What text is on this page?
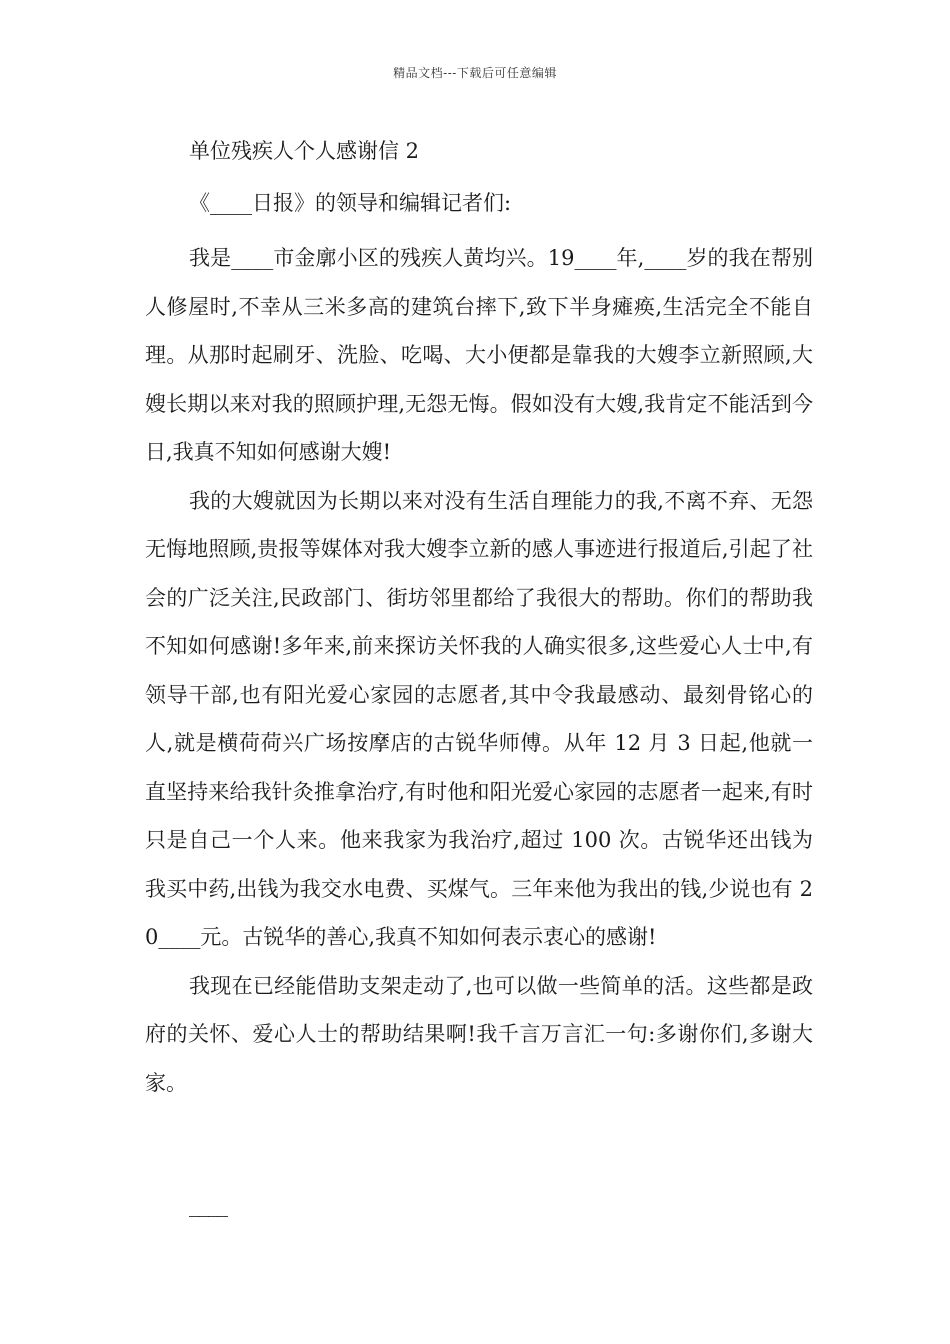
精品文档---下载后可任意编辑
单位残疾人个人感谢信 2
《____日报》的领导和编辑记者们:

我是____市金廓小区的残疾人黄均兴。19____年,____岁的我在帮别人修屋时,不幸从三米多高的建筑台摔下,致下半身瘫痪,生活完全不能自理。从那时起刷牙、洗脸、吃喝、大小便都是靠我的大嫂李立新照顾,大嫂长期以来对我的照顾护理,无怨无悔。假如没有大嫂,我肯定不能活到今日,我真不知如何感谢大嫂!

我的大嫂就因为长期以来对没有生活自理能力的我,不离不弃、无怨无悔地照顾,贵报等媒体对我大嫂李立新的感人事迹进行报道后,引起了社会的广泛关注,民政部门、街坊邻里都给了我很大的帮助。你们的帮助我不知如何感谢!多年来,前来探访关怀我的人确实很多,这些爱心人士中,有领导干部,也有阳光爱心家园的志愿者,其中令我最感动、最刻骨铭心的人,就是横荷荷兴广场按摩店的古锐华师傅。从年 12 月 3 日起,他就一直坚持来给我针灸推拿治疗,有时他和阳光爱心家园的志愿者一起来,有时只是自己一个人来。他来我家为我治疗,超过 100 次。古锐华还出钱为我买中药,出钱为我交水电费、买煤气。三年来他为我出的钱,少说也有 20____元。古锐华的善心,我真不知如何表示衷心的感谢!

我现在已经能借助支架走动了,也可以做一些简单的活。这些都是政府的关怀、爱心人士的帮助结果啊!我千言万言汇一句:多谢你们,多谢大家。

____
